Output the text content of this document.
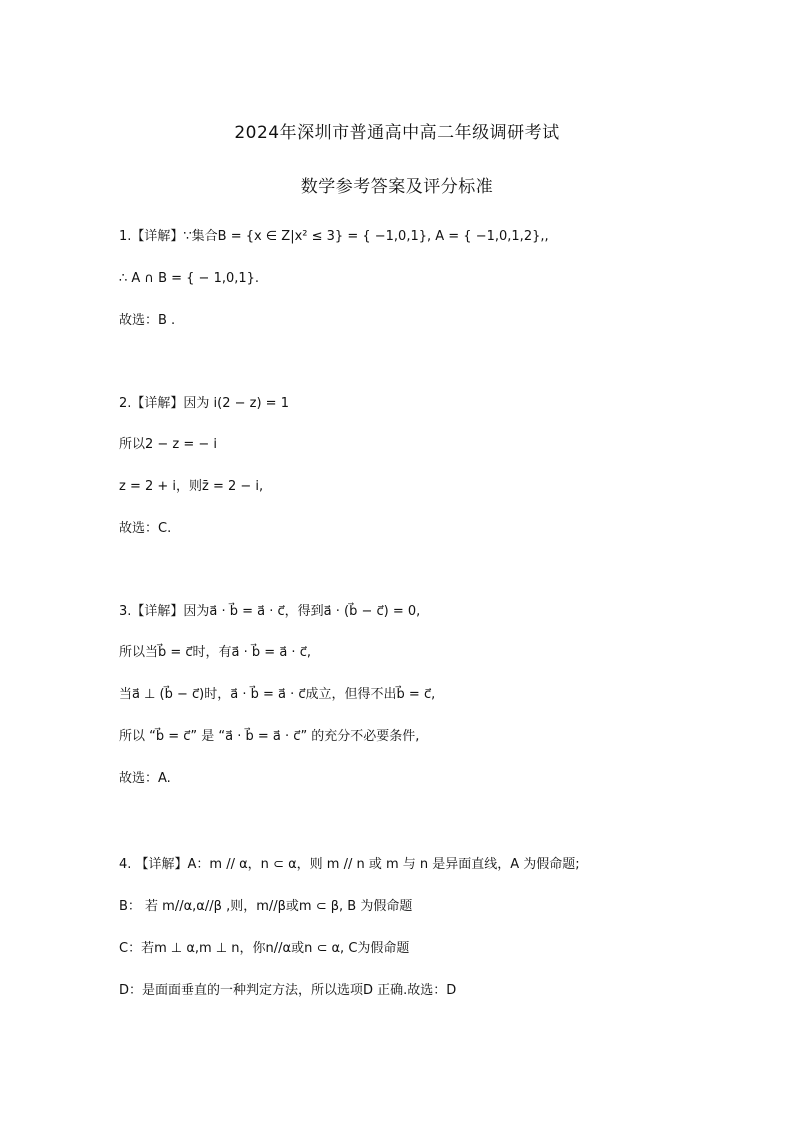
2024年深圳市普通高中高二年级调研考试
数学参考答案及评分标准
1.【详解】∵集合B = {x ∈ Z|x² ≤ 3} = { −1,0,1}, A = { −1,0,1,2},,
∴ A ∩ B = { − 1,0,1}.
故选：B .
2.【详解】因为 i(2 − z) = 1
所以2 − z = − i
z = 2 + i，则z̄ = 2 − i,
故选：C.
3.【详解】因为a⃗ · b⃗ = a⃗ · c⃗，得到a⃗ · (b⃗ − c⃗) = 0,
所以当b⃗ = c⃗时，有a⃗ · b⃗ = a⃗ · c⃗,
当a⃗ ⊥ (b⃗ − c⃗)时，a⃗ · b⃗ = a⃗ · c⃗成立，但得不出b⃗ = c⃗,
所以 “b⃗ = c⃗” 是 “a⃗ · b⃗ = a⃗ · c⃗” 的充分不必要条件,
故选：A.
4. 【详解】A：m // α，n ⊂ α，则 m // n 或 m 与 n 是异面直线，A 为假命题;
B： 若 m//α,α//β ,则，m//β或m ⊂ β, B 为假命题
C：若m ⊥ α,m ⊥ n，你n//α或n ⊂ α, C为假命题
D：是面面垂直的一种判定方法，所以选项D 正确.故选：D
